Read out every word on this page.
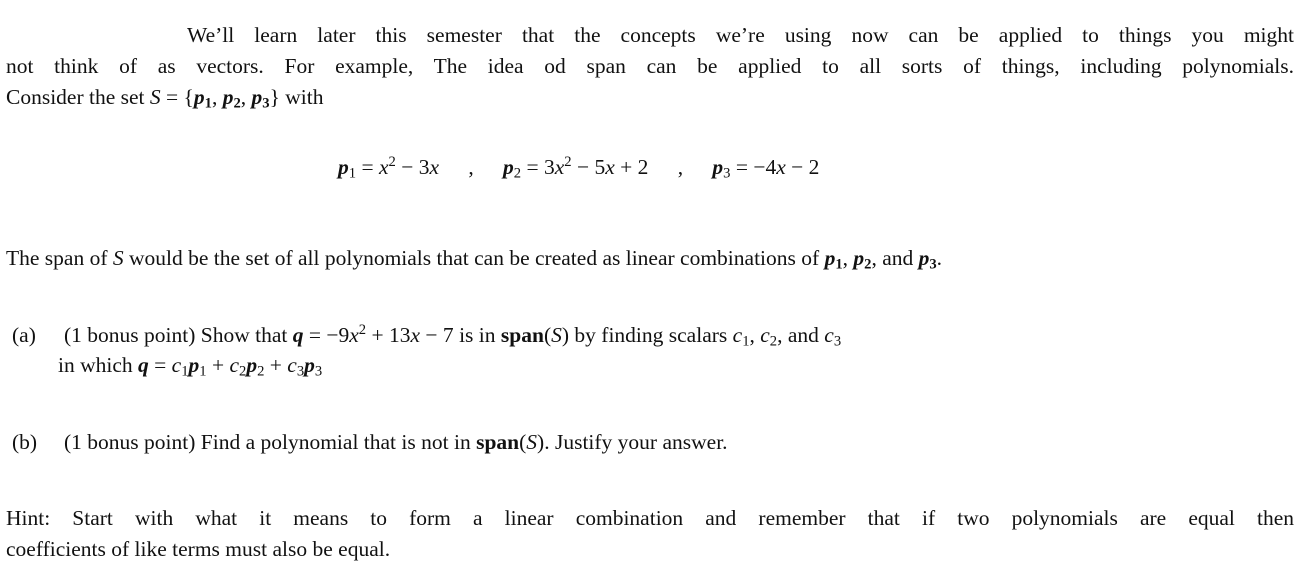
We’ll learn later this semester that the concepts we’re using now can be applied to things you might
not think of as vectors. For example, The idea od span can be applied to all sorts of things, including polynomials.
Consider the set $S = \{p_1$, $p_2$, $p_3$} with
$p_1 = x^2 - 3x$ , $p_2 = 3x^2 - 5x + 2$ , $p_3 = -4x - 2$
The span of S would be the set of all polynomials that can be created as linear combinations of $p_1$, $p_2$, and $p_3$.
(a) (1 bonus point) Show that $q = -9x^2 + 13x - 7$ is in span(S) by finding scalars $c_1$, $c_2$, and $c_3$
in which $q = c_1p_1 + c_2p_2 + c_3p_3$
(b) (1 bonus point) Find a polynomial that is not in span(S). Justify your answer.
Hint: Start with what it means to form a linear combination and remember that if two polynomials are equal then
coefficients of like terms must also be equal.
